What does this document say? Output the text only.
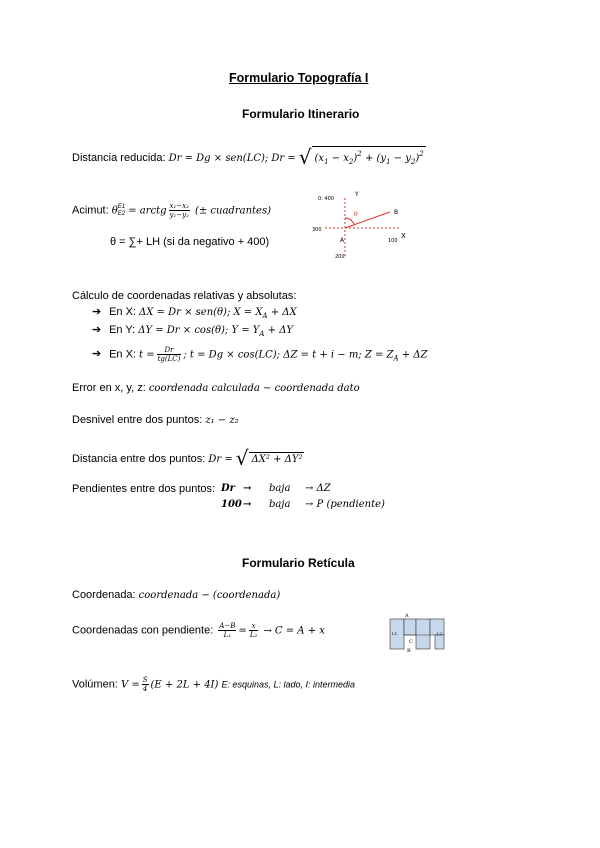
Formulario Topografía I
Formulario Itinerario
Distancia reducida: Dr = Dg × sen(LC); Dr = √ $(x_1 - x_2)^2 + (y_1 - y_2)^2$
Acimut: θ E1
E2 = arctg $\frac{\text{x₁−x₂}}{\text{y₁−y₂}}$ (± cuadrantes)
θ = ∑+ LH (si da negativo + 400)
0: 400
Y
X
A
B
300
200
100
θ
Cálculo de coordenadas relativas y absolutas:
➔ En X: ΔX = Dr × sen(θ); $X = X_A + \Delta X$
➔ En Y: ΔY = Dr × cos(θ); $Y = Y_A + \Delta Y$
➔ En X: $t = \frac{Dr}{tg(LC)}$ ; t = Dg × cos(LC); ΔZ = t + i − m; $Z = Z_A + \Delta Z$
Error en x, y, z: coordenada calculada − coordenada dato
Desnivel entre dos puntos: z₁ − z₂
Distancia entre dos puntos: Dr = √ ΔX² + ΔY²
Pendientes entre dos puntos: Dr → baja → ΔZ
100→ baja → P (pendiente)
Formulario Retícula
Coordenada: coordenada − (coordenada)
Coordenadas con pendiente: $\frac{A-B}{\text{L₁}} = \frac{x}{\text{L₂}} \to C = A + x$
A
B
C
L1	L2
Volúmen: $V = \frac{S}{4} (E + 2L + 4I)$ E: esquinas, L: lado, I: intermedia
